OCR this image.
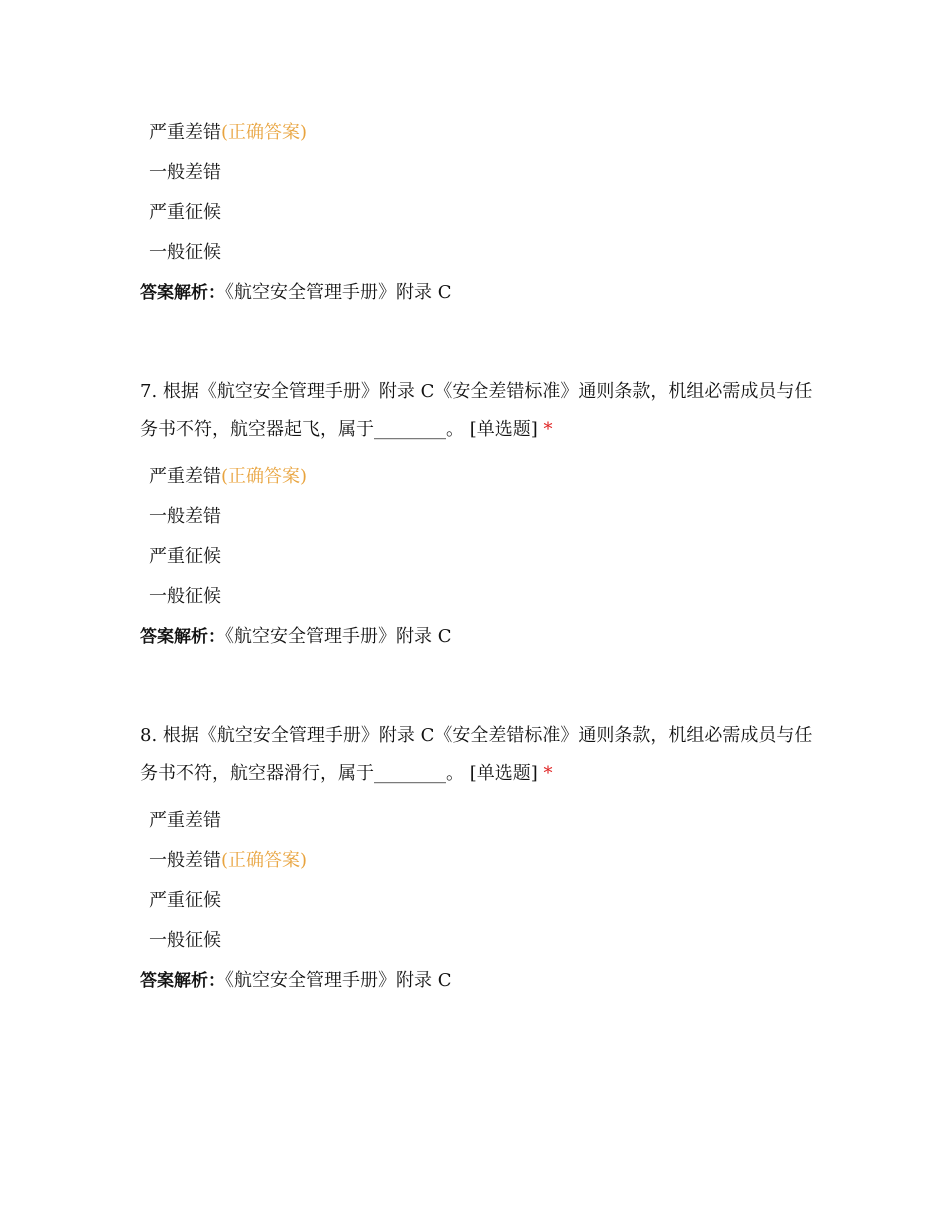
严重差错(正确答案)
一般差错
严重征候
一般征候
答案解析：《航空安全管理手册》附录 C
7. 根据《航空安全管理手册》附录 C《安全差错标准》通则条款，机组必需成员与任务书不符，航空器起飞，属于________。 [单选题] *
严重差错(正确答案)
一般差错
严重征候
一般征候
答案解析：《航空安全管理手册》附录 C
8. 根据《航空安全管理手册》附录 C《安全差错标准》通则条款，机组必需成员与任务书不符，航空器滑行，属于________。 [单选题] *
严重差错
一般差错(正确答案)
严重征候
一般征候
答案解析：《航空安全管理手册》附录 C
